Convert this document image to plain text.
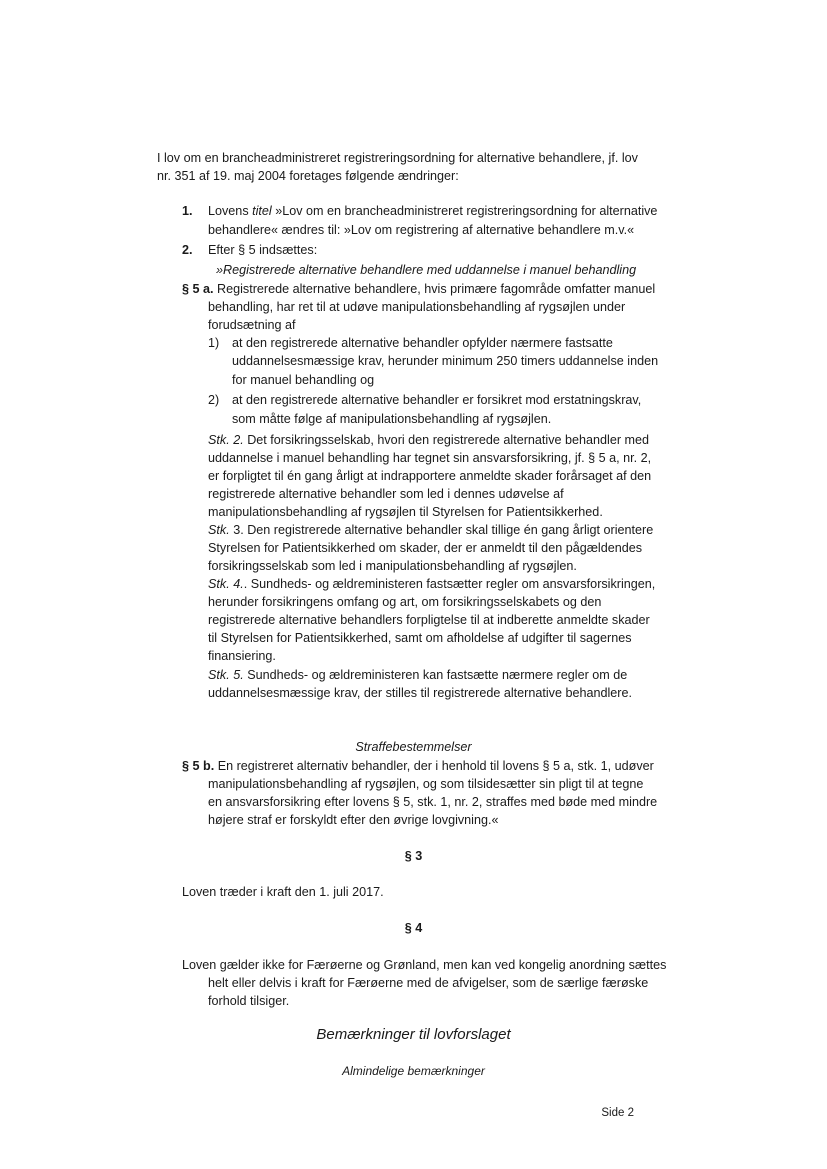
I lov om en brancheadministreret registreringsordning for alternative behandlere, jf. lov
nr. 351 af 19. maj 2004 foretages følgende ændringer:
1. Lovens titel »Lov om en brancheadministreret registreringsordning for alternative
behandlere« ændres til: »Lov om registrering af alternative behandlere m.v.«
2. Efter § 5 indsættes:
»Registrerede alternative behandlere med uddannelse i manuel behandling
§ 5 a. Registrerede alternative behandlere, hvis primære fagområde omfatter manuel
behandling, har ret til at udøve manipulationsbehandling af rygsøjlen under
forudsætning af
1) at den registrerede alternative behandler opfylder nærmere fastsatte
uddannelsesmæssige krav, herunder minimum 250 timers uddannelse inden
for manuel behandling og
2) at den registrerede alternative behandler er forsikret mod erstatningskrav,
som måtte følge af manipulationsbehandling af rygsøjlen.
Stk. 2. Det forsikringsselskab, hvori den registrerede alternative behandler med
uddannelse i manuel behandling har tegnet sin ansvarsforsikring, jf. § 5 a, nr. 2,
er forpligtet til én gang årligt at indrapportere anmeldte skader forårsaget af den
registrerede alternative behandler som led i dennes udøvelse af
manipulationsbehandling af rygsøjlen til Styrelsen for Patientsikkerhed.
Stk. 3. Den registrerede alternative behandler skal tillige én gang årligt orientere
Styrelsen for Patientsikkerhed om skader, der er anmeldt til den pågældendes
forsikringsselskab som led i manipulationsbehandling af rygsøjlen.
Stk. 4.. Sundheds- og ældreministeren fastsætter regler om ansvarsforsikringen,
herunder forsikringens omfang og art, om forsikringsselskabets og den
registrerede alternative behandlers forpligtelse til at indberette anmeldte skader
til Styrelsen for Patientsikkerhed, samt om afholdelse af udgifter til sagernes
finansiering.
Stk. 5. Sundheds- og ældreministeren kan fastsætte nærmere regler om de
uddannelsesmæssige krav, der stilles til registrerede alternative behandlere.
Straffebestemmelser
§ 5 b. En registreret alternativ behandler, der i henhold til lovens § 5 a, stk. 1, udøver
manipulationsbehandling af rygsøjlen, og som tilsidesætter sin pligt til at tegne
en ansvarsforsikring efter lovens § 5, stk. 1, nr. 2, straffes med bøde med mindre
højere straf er forskyldt efter den øvrige lovgivning.«
§ 3
Loven træder i kraft den 1. juli 2017.
§ 4
Loven gælder ikke for Færøerne og Grønland, men kan ved kongelig anordning sættes
helt eller delvis i kraft for Færøerne med de afvigelser, som de særlige færøske
forhold tilsiger.
Bemærkninger til lovforslaget
Almindelige bemærkninger
Side 2
